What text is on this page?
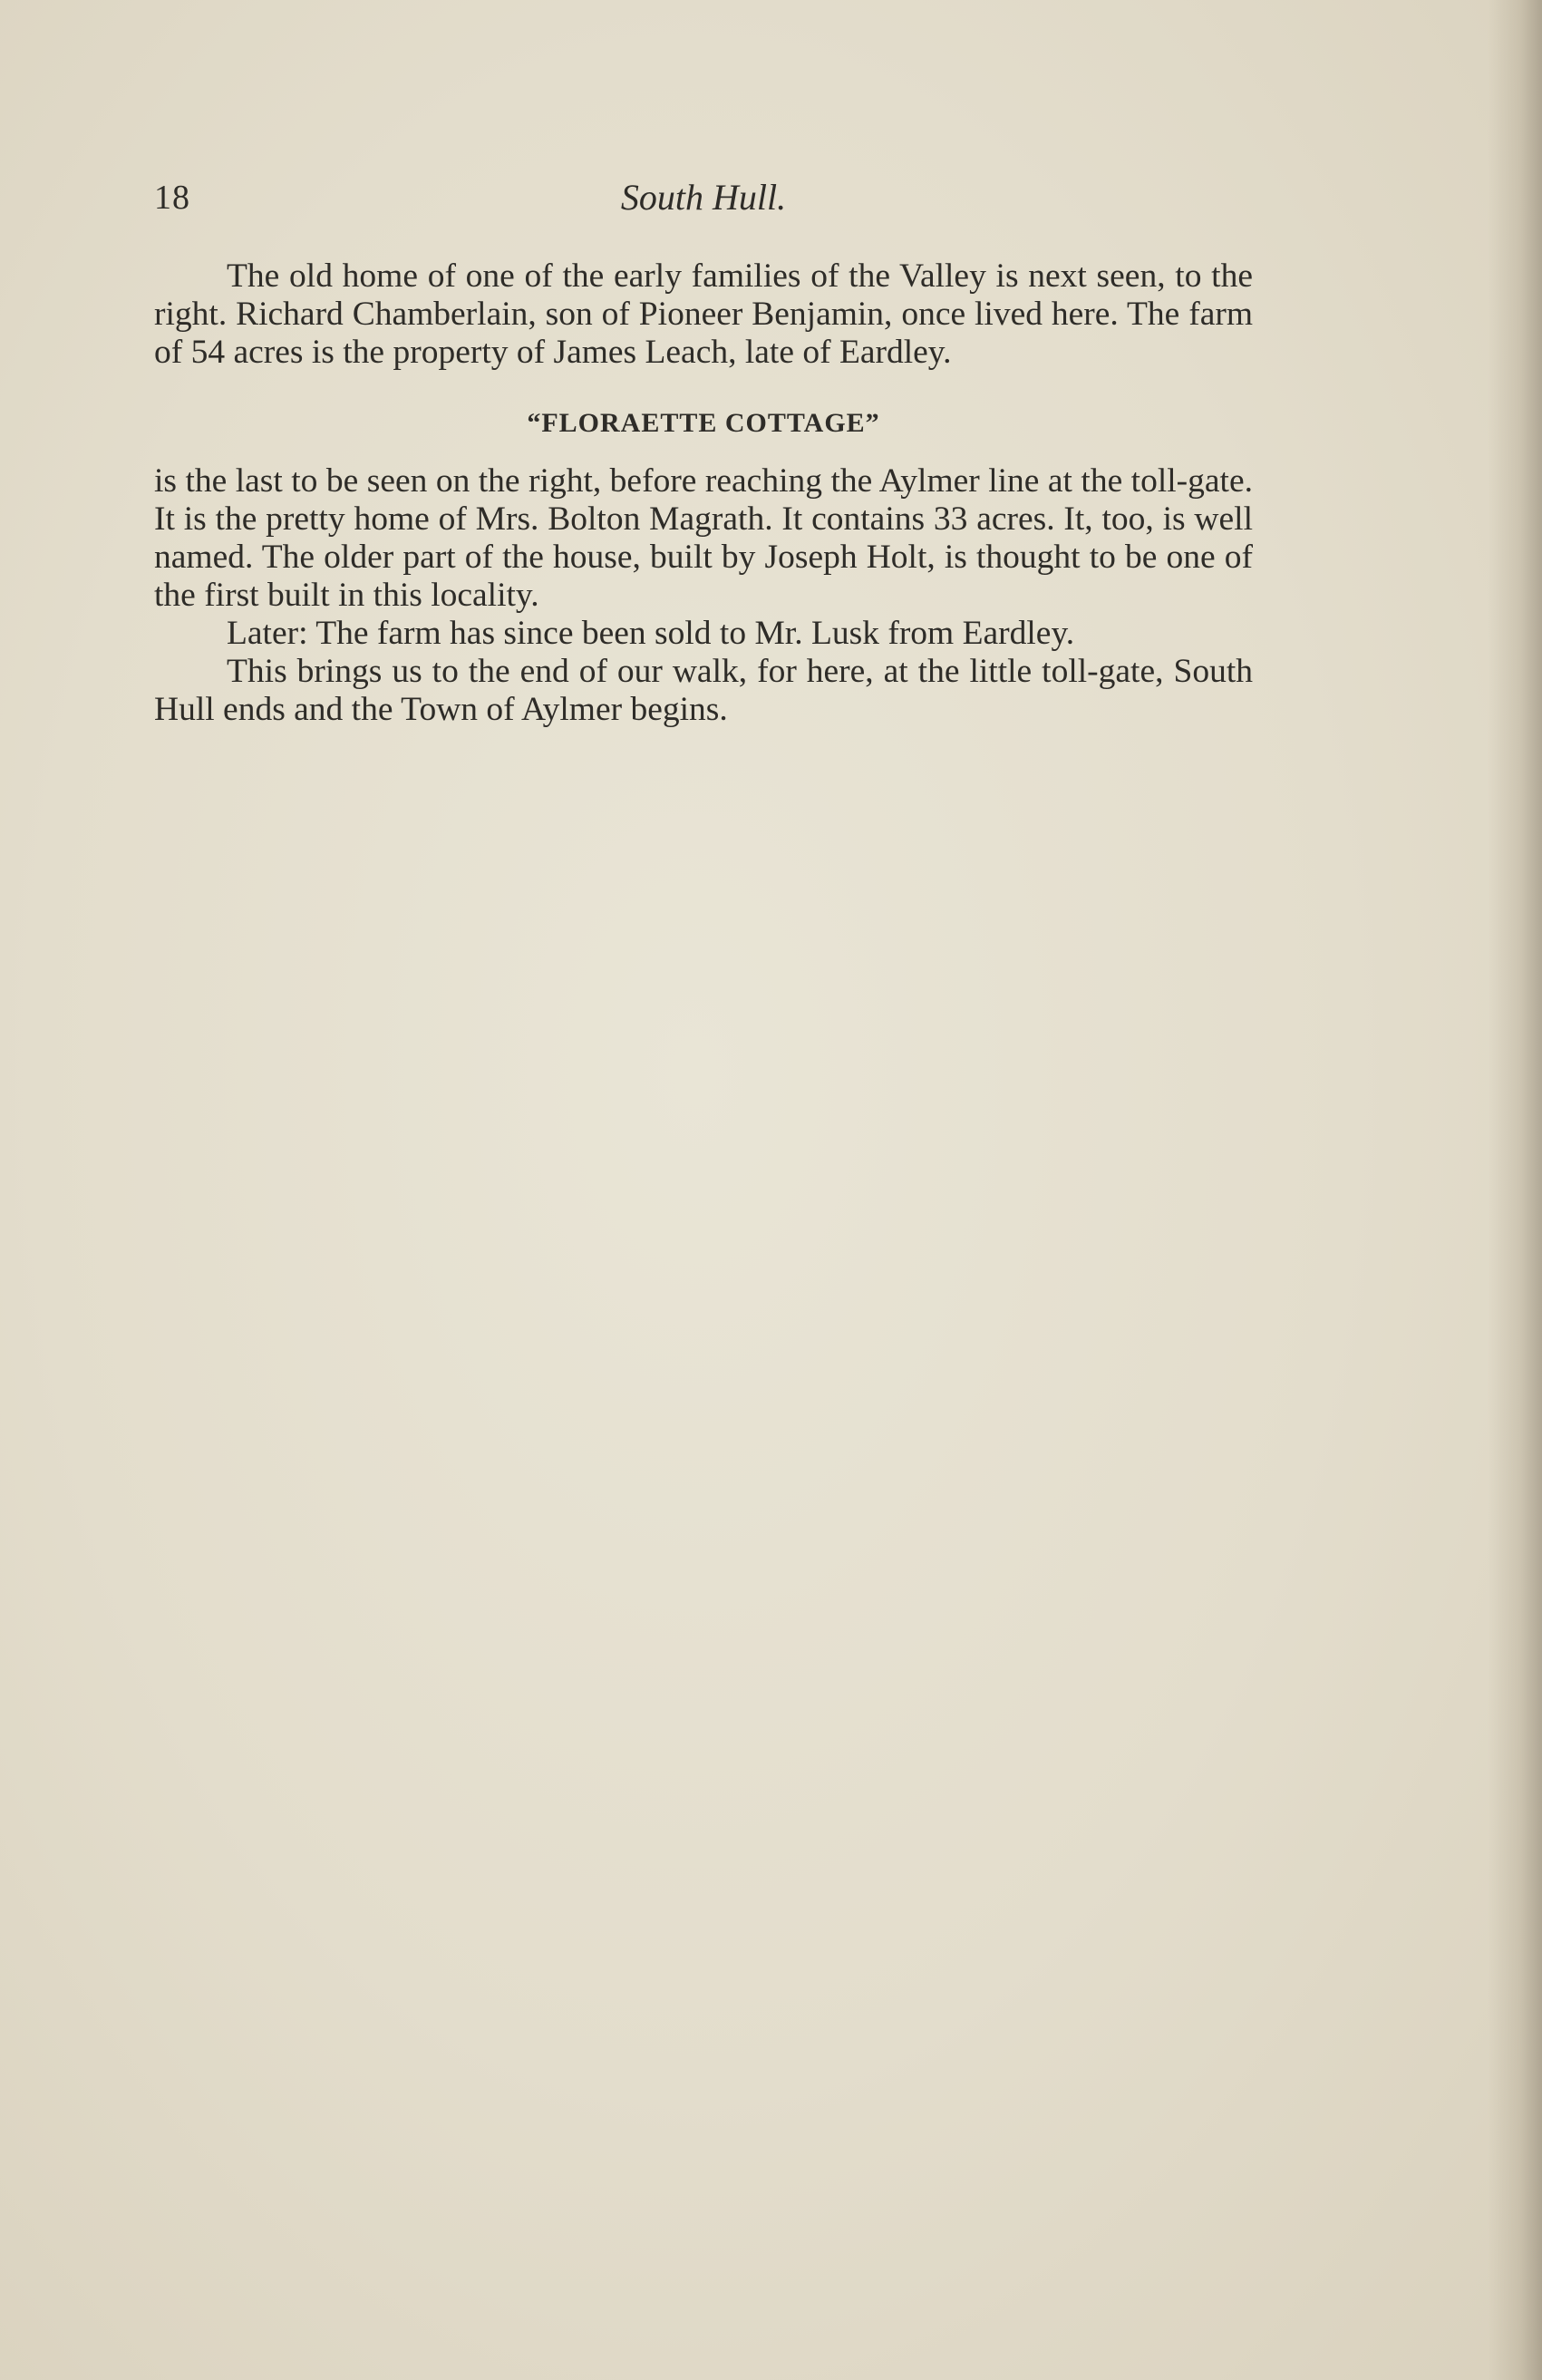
18	South Hull.

The old home of one of the early families of the Valley is next seen, to the right. Richard Chamberlain, son of Pioneer Benjamin, once lived here. The farm of 54 acres is the property of James Leach, late of Eardley.

“FLORAETTE COTTAGE”

is the last to be seen on the right, before reaching the Aylmer line at the toll-gate. It is the pretty home of Mrs. Bolton Magrath. It contains 33 acres. It, too, is well named. The older part of the house, built by Joseph Holt, is thought to be one of the first built in this locality.

Later: The farm has since been sold to Mr. Lusk from Eardley.

This brings us to the end of our walk, for here, at the little toll-gate, South Hull ends and the Town of Aylmer begins.
